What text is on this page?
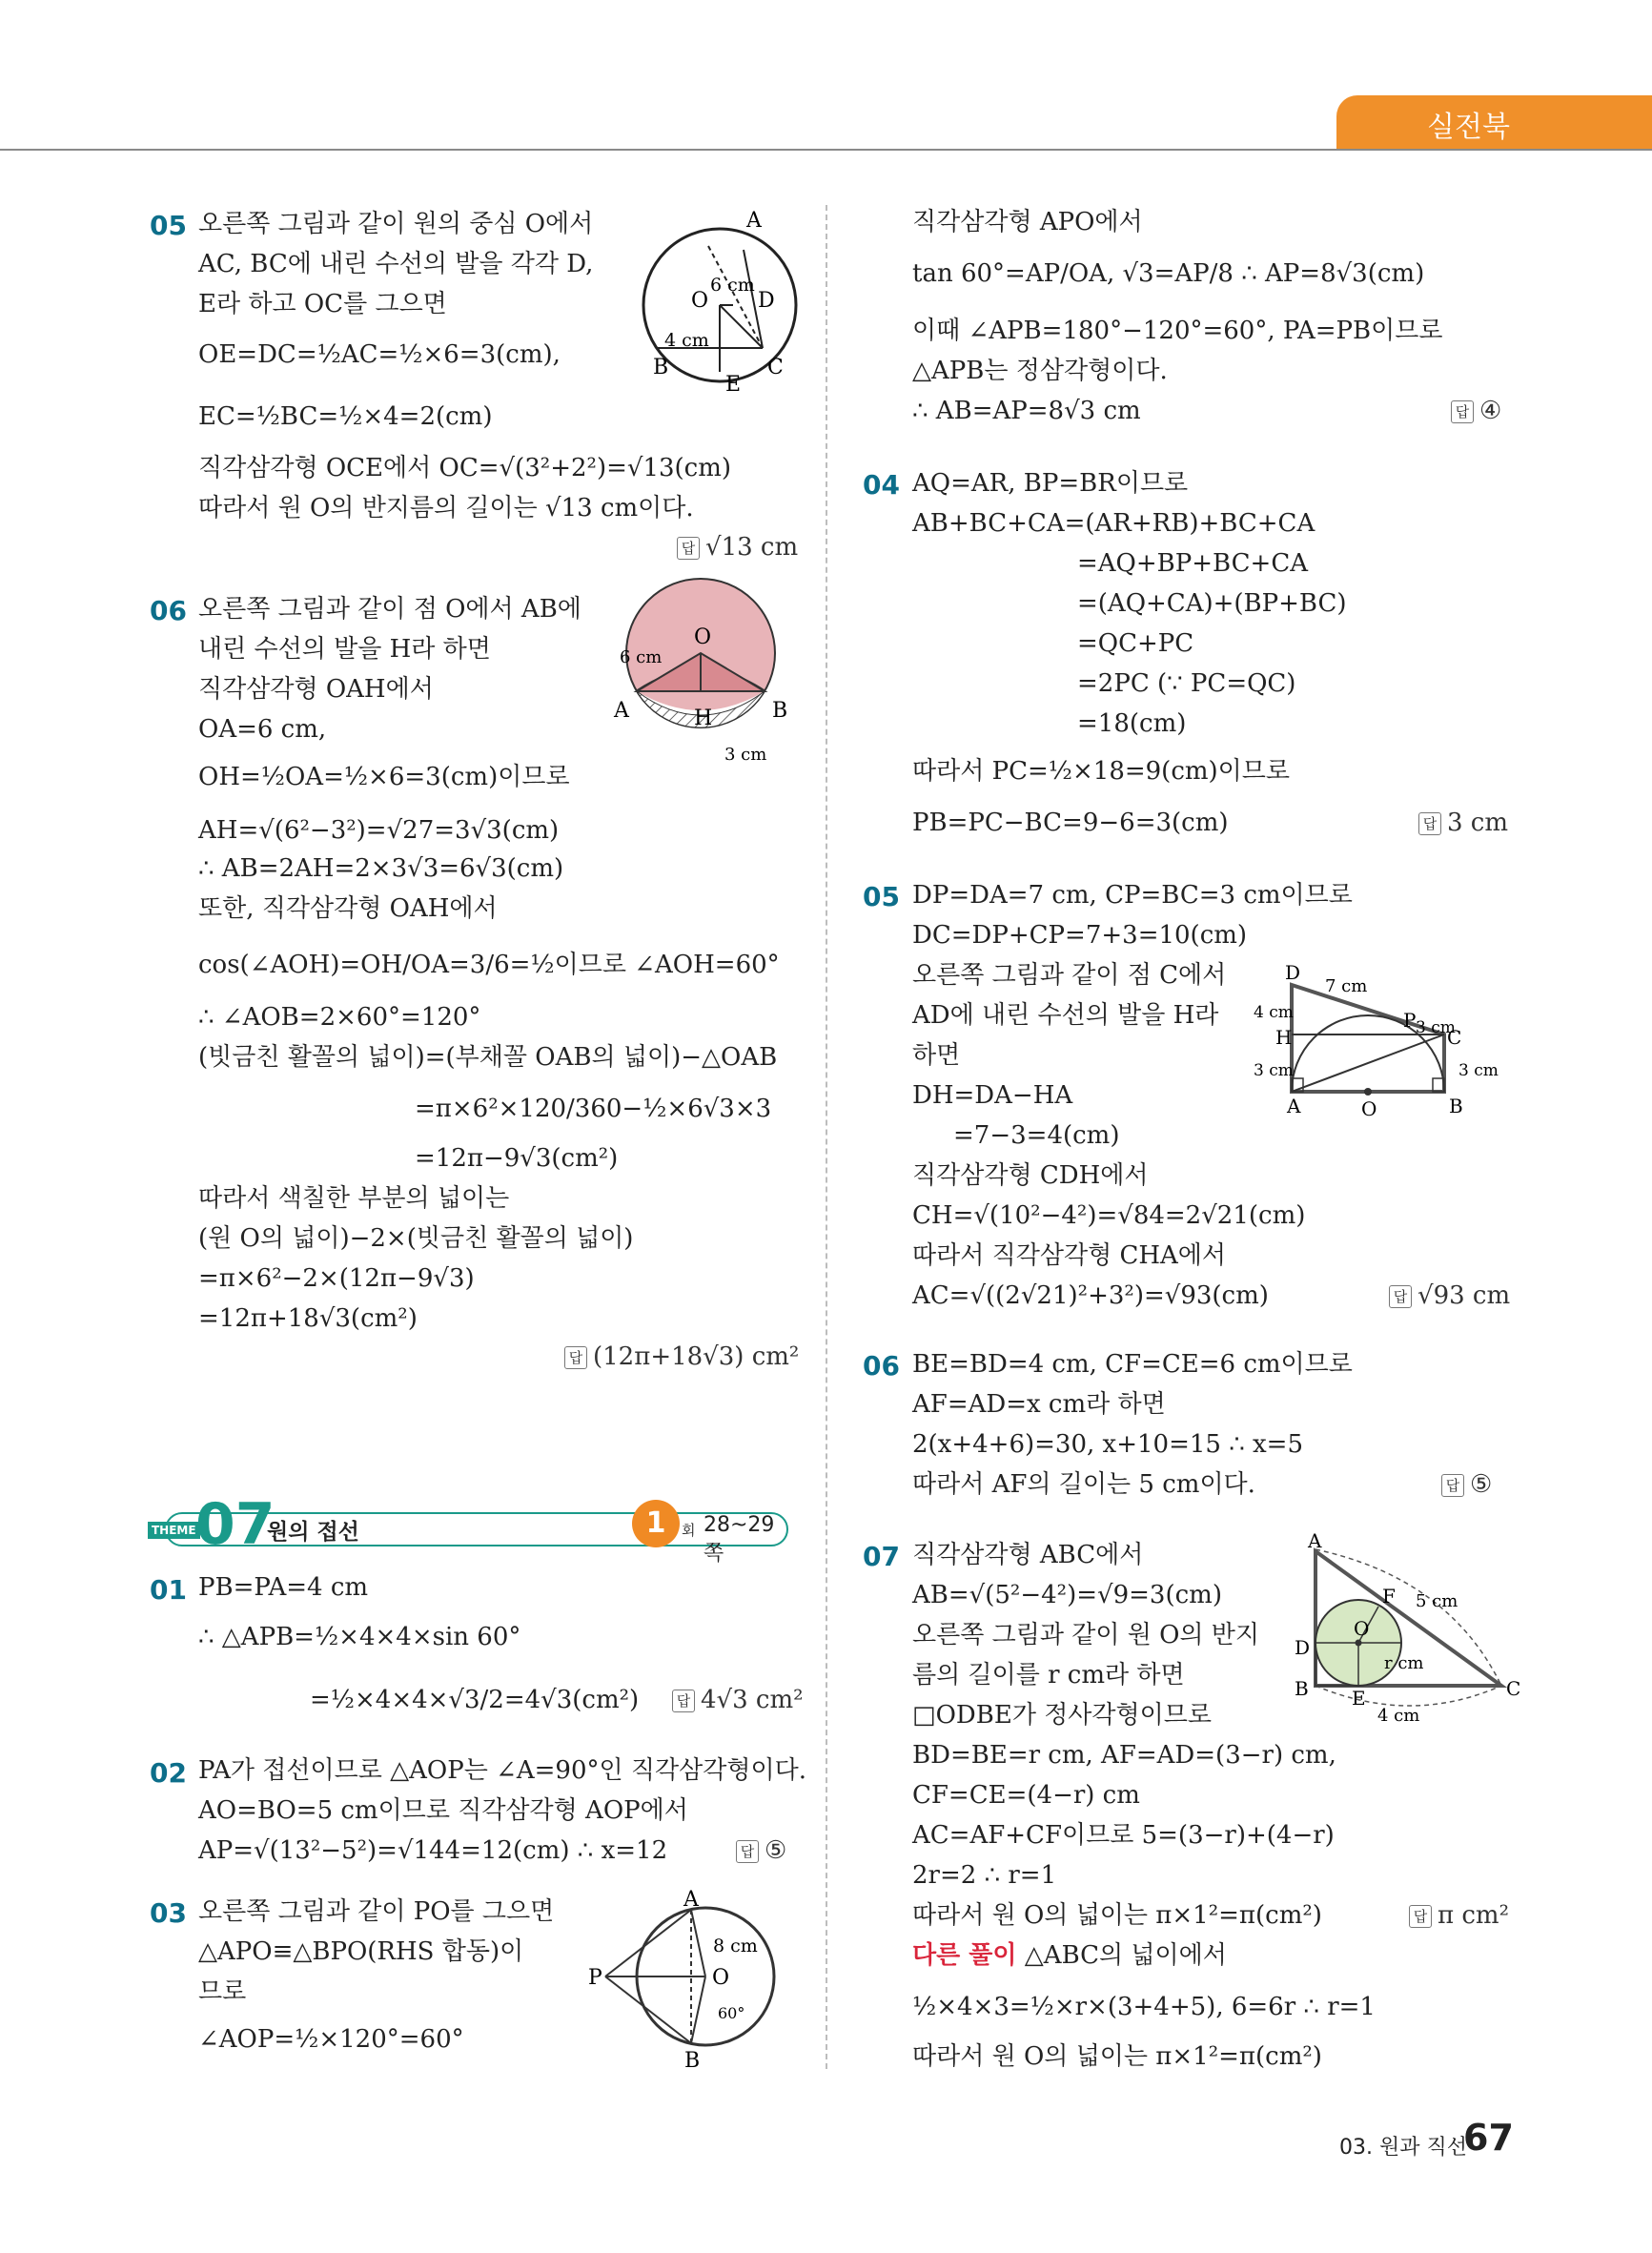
실전북
05 오른쪽 그림과 같이 원의 중심 O에서
AC, BC에 내린 수선의 발을 각각 D,
E라 하고 OC를 그으면
OE=DC=½AC=½×6=3(cm),
EC=½BC=½×4=2(cm)
직각삼각형 OCE에서 OC=√(3²+2²)=√13(cm)
따라서 원 O의 반지름의 길이는 √13 cm이다.
답 √13 cm
A
B	C
D
E
O
6 cm
4 cm
06 오른쪽 그림과 같이 점 O에서 AB에
내린 수선의 발을 H라 하면
직각삼각형 OAH에서
OA=6 cm,
OH=½OA=½×6=3(cm)이므로
AH=√(6²−3²)=√27=3√3(cm)
∴ AB=2AH=2×3√3=6√3(cm)
또한, 직각삼각형 OAH에서
cos(∠AOH)=OH/OA=3/6=½이므로 ∠AOH=60°
∴ ∠AOB=2×60°=120°
(빗금친 활꼴의 넓이)=(부채꼴 OAB의 넓이)−△OAB
=π×6²×120/360−½×6√3×3
=12π−9√3(cm²)
따라서 색칠한 부분의 넓이는
(원 O의 넓이)−2×(빗금친 활꼴의 넓이)
=π×6²−2×(12π−9√3)
=12π+18√3(cm²)
답 (12π+18√3) cm²
6 cm
O
A	B
H
3 cm
THEME 07
원의 접선	1	회 28~29쪽
01 PB=PA=4 cm
∴ △APB=½×4×4×sin 60°
=½×4×4×√3/2=4√3(cm²)	답 4√3 cm²
02 PA가 접선이므로 △AOP는 ∠A=90°인 직각삼각형이다.
AO=BO=5 cm이므로 직각삼각형 AOP에서
AP=√(13²−5²)=√144=12(cm) ∴ x=12	답 ⑤
03 오른쪽 그림과 같이 PO를 그으면
△APO≡△BPO(RHS 합동)이
므로
∠AOP=½×120°=60°
A
B
P	O
8 cm
60°
직각삼각형 APO에서
tan 60°=AP/OA, √3=AP/8 ∴ AP=8√3(cm)
이때 ∠APB=180°−120°=60°, PA=PB이므로
△APB는 정삼각형이다.
∴ AB=AP=8√3 cm	답 ④
04 AQ=AR, BP=BR이므로
AB+BC+CA=(AR+RB)+BC+CA
=AQ+BP+BC+CA
=(AQ+CA)+(BP+BC)
=QC+PC
=2PC (∵ PC=QC)
=18(cm)
따라서 PC=½×18=9(cm)이므로
PB=PC−BC=9−6=3(cm)	답 3 cm
05 DP=DA=7 cm, CP=BC=3 cm이므로
DC=DP+CP=7+3=10(cm)
오른쪽 그림과 같이 점 C에서
AD에 내린 수선의 발을 H라
하면
DH=DA−HA
=7−3=4(cm)
직각삼각형 CDH에서
CH=√(10²−4²)=√84=2√21(cm)
따라서 직각삼각형 CHA에서
AC=√((2√21)²+3²)=√93(cm)	답 √93 cm
D
7 cm
P 3 cm
C
4 cm
H
3 cm	3 cm
A	O	B
06 BE=BD=4 cm, CF=CE=6 cm이므로
AF=AD=x cm라 하면
2(x+4+6)=30, x+10=15 ∴ x=5
따라서 AF의 길이는 5 cm이다.	답 ⑤
07 직각삼각형 ABC에서
AB=√(5²−4²)=√9=3(cm)
오른쪽 그림과 같이 원 O의 반지
름의 길이를 r cm라 하면
□ODBE가 정사각형이므로
BD=BE=r cm, AF=AD=(3−r) cm,
CF=CE=(4−r) cm
AC=AF+CF이므로 5=(3−r)+(4−r)
2r=2 ∴ r=1
따라서 원 O의 넓이는 π×1²=π(cm²)	답 π cm²
다른 풀이 △ABC의 넓이에서
½×4×3=½×r×(3+4+5), 6=6r ∴ r=1
따라서 원 O의 넓이는 π×1²=π(cm²)
A
F 5 cm
D
O
r cm
B E
4 cm
C
03. 원과 직선
67
